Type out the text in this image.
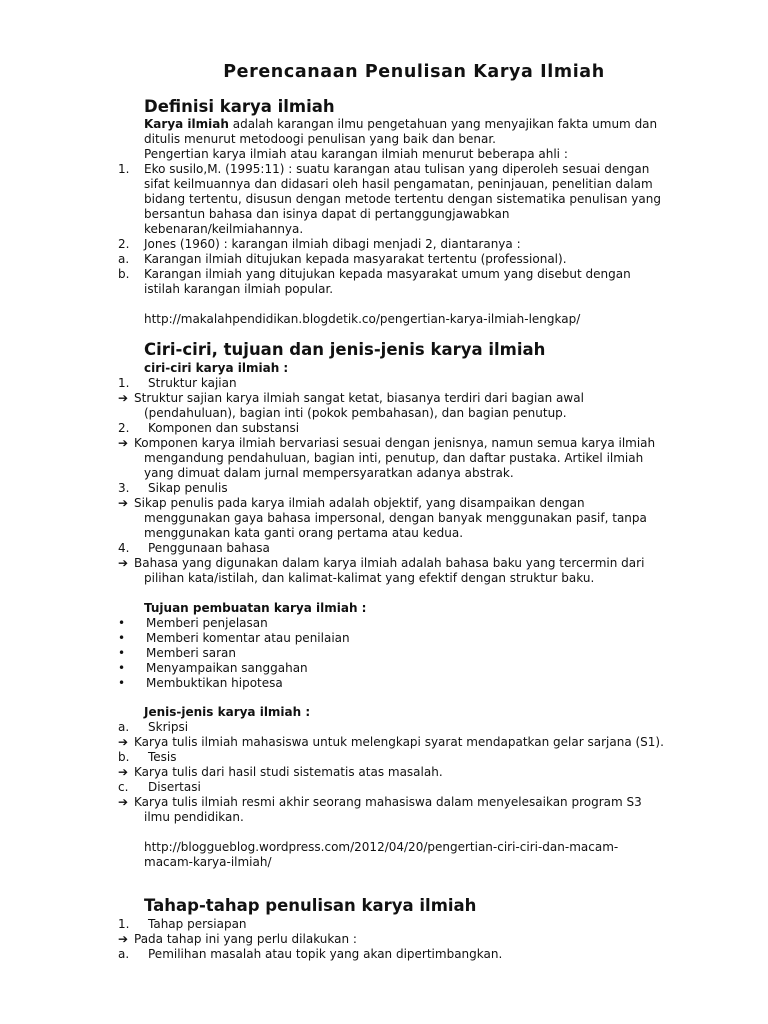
Perencanaan Penulisan Karya Ilmiah
Definisi karya ilmiah
Karya ilmiah adalah karangan ilmu pengetahuan yang menyajikan fakta umum dan
ditulis menurut metodoogi penulisan yang baik dan benar.
Pengertian karya ilmiah atau karangan ilmiah menurut beberapa ahli :
1. Eko susilo,M. (1995:11) : suatu karangan atau tulisan yang diperoleh sesuai dengan
sifat keilmuannya dan didasari oleh hasil pengamatan, peninjauan, penelitian dalam
bidang tertentu, disusun dengan metode tertentu dengan sistematika penulisan yang
bersantun bahasa dan isinya dapat di pertanggungjawabkan
kebenaran/keilmiahannya.
2. Jones (1960) : karangan ilmiah dibagi menjadi 2, diantaranya :
a. Karangan ilmiah ditujukan kepada masyarakat tertentu (professional).
b. Karangan ilmiah yang ditujukan kepada masyarakat umum yang disebut dengan
istilah karangan ilmiah popular.
http://makalahpendidikan.blogdetik.co/pengertian-karya-ilmiah-lengkap/
Ciri-ciri, tujuan dan jenis-jenis karya ilmiah
ciri-ciri karya ilmiah :
1. Struktur kajian
➔ Struktur sajian karya ilmiah sangat ketat, biasanya terdiri dari bagian awal
(pendahuluan), bagian inti (pokok pembahasan), dan bagian penutup.
2. Komponen dan substansi
➔ Komponen karya ilmiah bervariasi sesuai dengan jenisnya, namun semua karya ilmiah
mengandung pendahuluan, bagian inti, penutup, dan daftar pustaka. Artikel ilmiah
yang dimuat dalam jurnal mempersyaratkan adanya abstrak.
3. Sikap penulis
➔ Sikap penulis pada karya ilmiah adalah objektif, yang disampaikan dengan
menggunakan gaya bahasa impersonal, dengan banyak menggunakan pasif, tanpa
menggunakan kata ganti orang pertama atau kedua.
4. Penggunaan bahasa
➔ Bahasa yang digunakan dalam karya ilmiah adalah bahasa baku yang tercermin dari
pilihan kata/istilah, dan kalimat-kalimat yang efektif dengan struktur baku.
Tujuan pembuatan karya ilmiah :
• Memberi penjelasan
• Memberi komentar atau penilaian
• Memberi saran
• Menyampaikan sanggahan
• Membuktikan hipotesa
Jenis-jenis karya ilmiah :
a. Skripsi
➔ Karya tulis ilmiah mahasiswa untuk melengkapi syarat mendapatkan gelar sarjana (S1).
b. Tesis
➔ Karya tulis dari hasil studi sistematis atas masalah.
c. Disertasi
➔ Karya tulis ilmiah resmi akhir seorang mahasiswa dalam menyelesaikan program S3
ilmu pendidikan.
http://bloggueblog.wordpress.com/2012/04/20/pengertian-ciri-ciri-dan-macam-
macam-karya-ilmiah/
Tahap-tahap penulisan karya ilmiah
1. Tahap persiapan
➔ Pada tahap ini yang perlu dilakukan :
a. Pemilihan masalah atau topik yang akan dipertimbangkan.
